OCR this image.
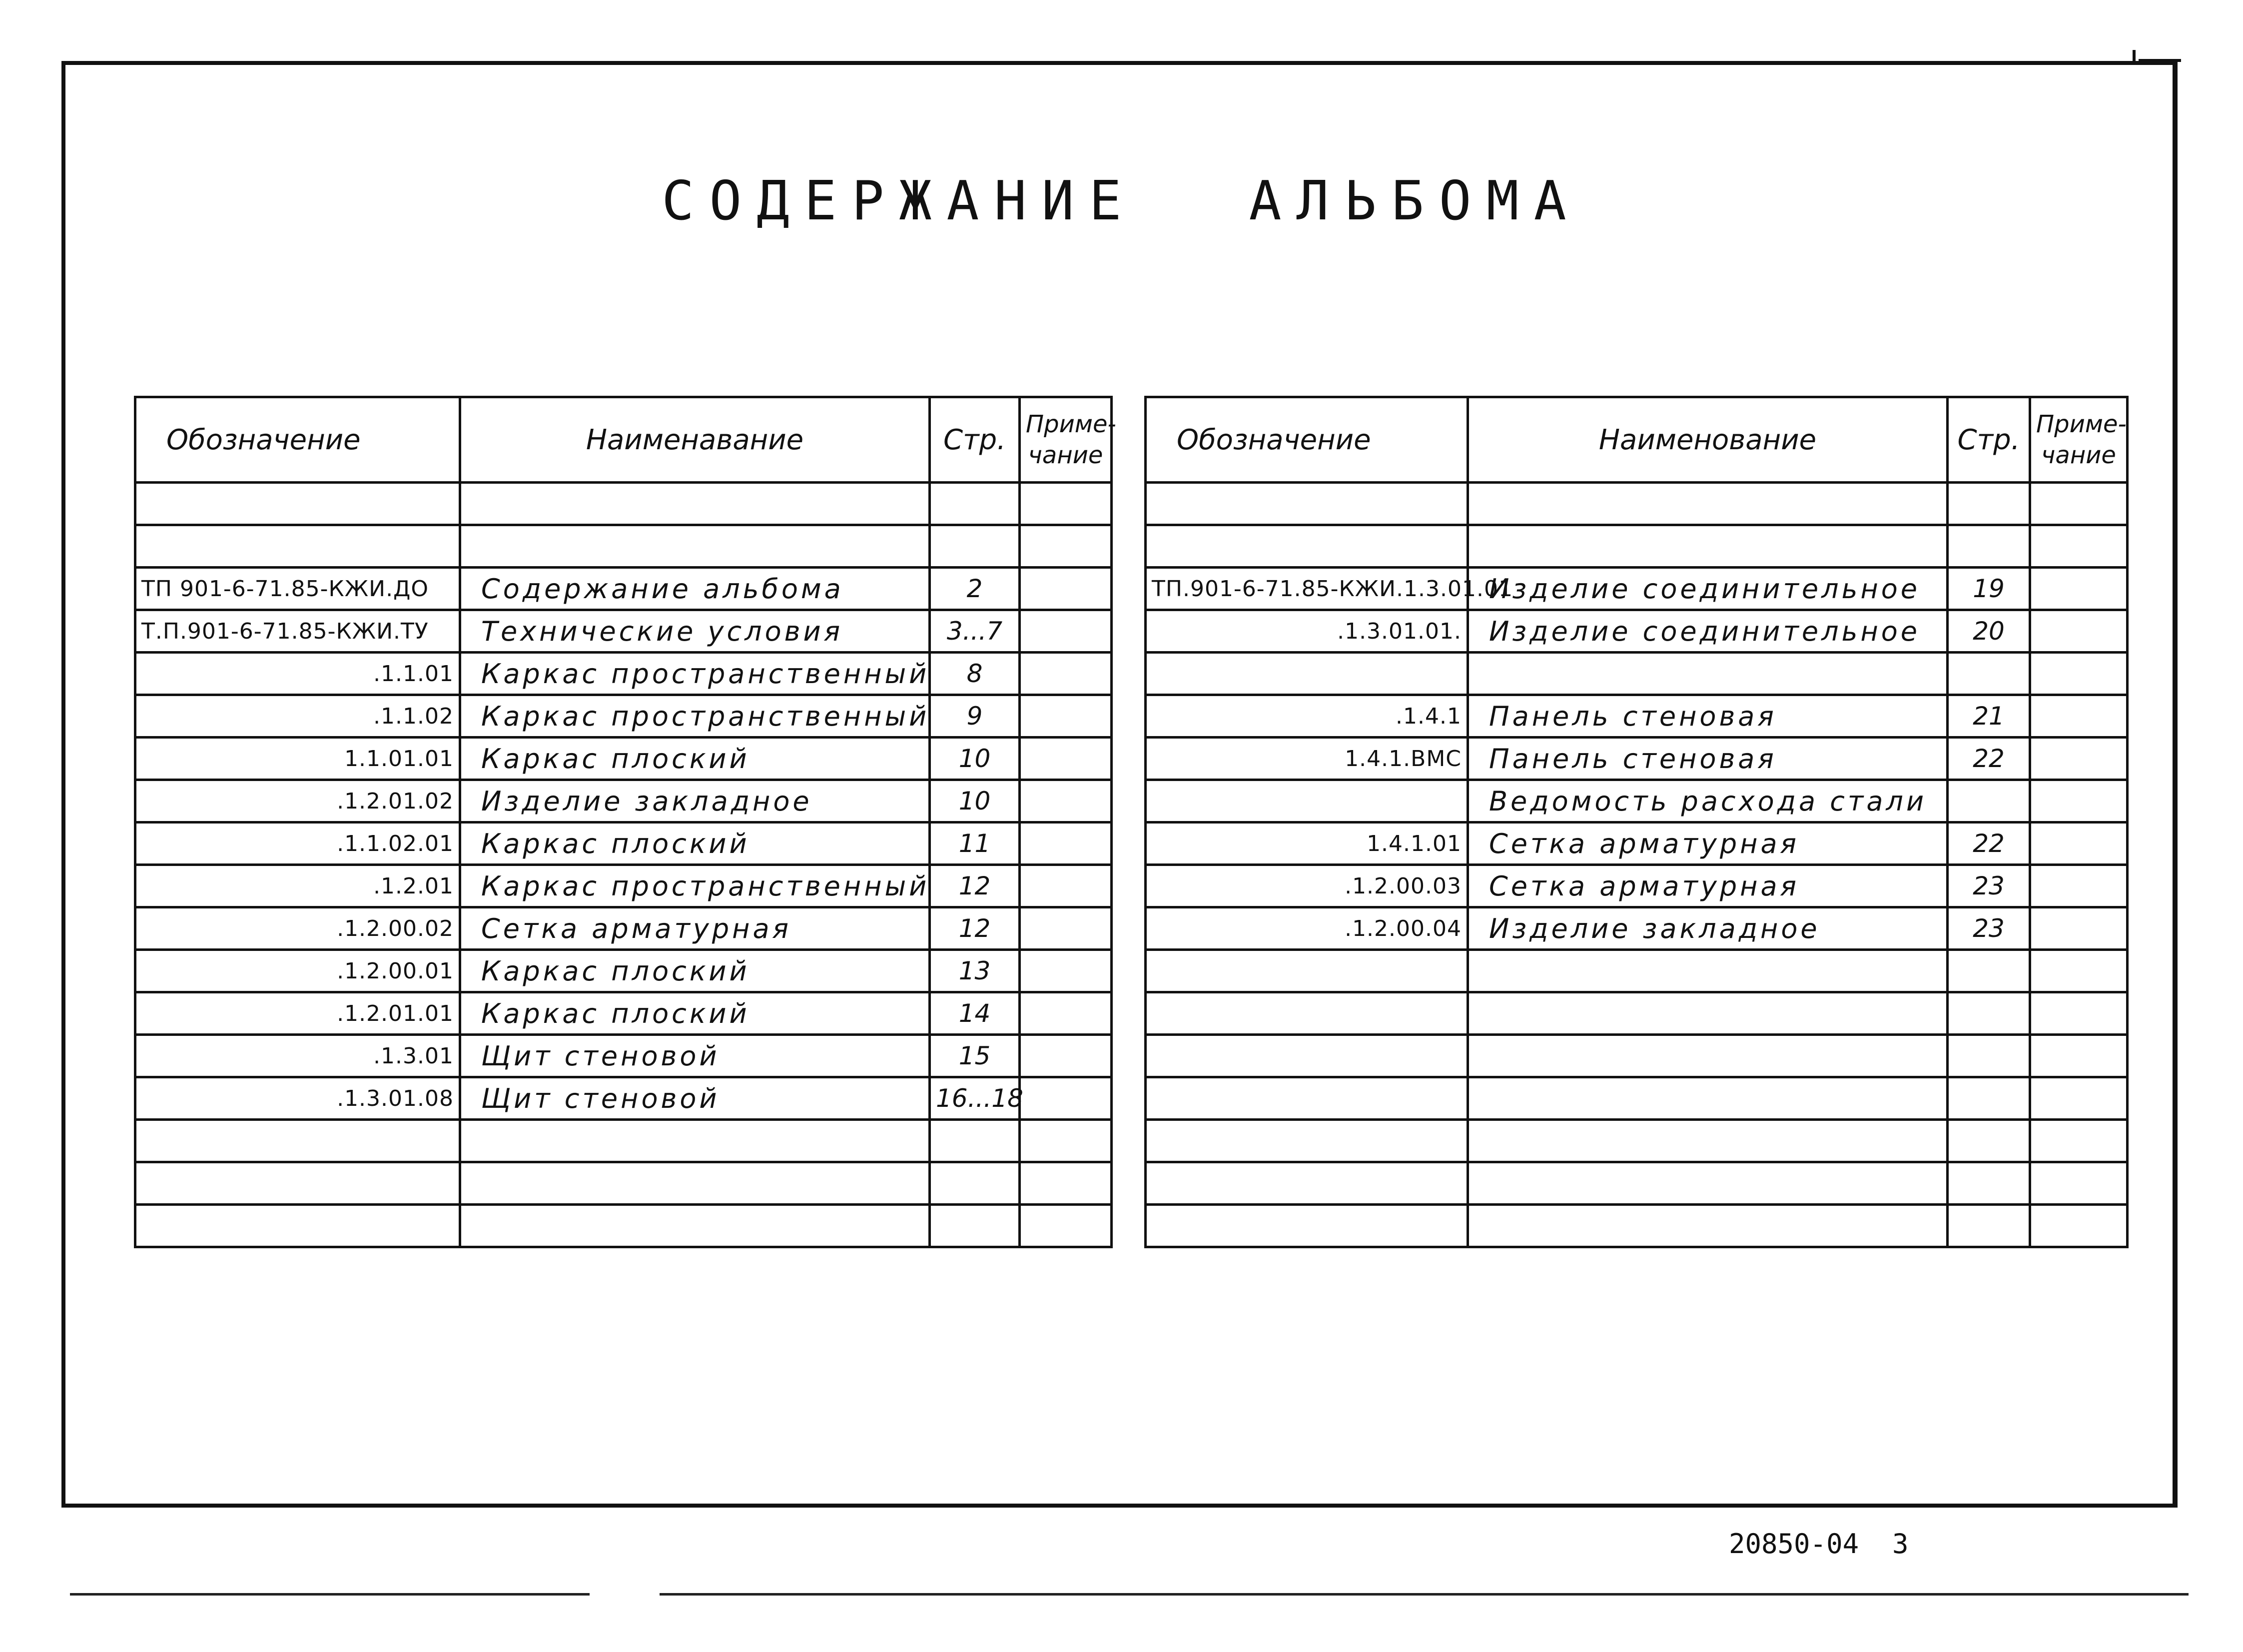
СОДЕРЖАНИЕ АЛЬБОМА
Обозначение	Наименавание	Стр.	Приме-чание

ТП 901-6-71.85-КЖИ.ДО	Содержание альбома	2	
Т.П.901-6-71.85-КЖИ.ТУ	Технические условия	3...7	
.1.1.01	Каркас пространственный	8	
.1.1.02	Каркас пространственный	9	
1.1.01.01	Каркас плоский	10	
.1.2.01.02	Изделие закладное	10	
.1.1.02.01	Каркас плоский	11	
.1.2.01	Каркас пространственный	12	
.1.2.00.02	Сетка арматурная	12	
.1.2.00.01	Каркас плоский	13	
.1.2.01.01	Каркас плоский	14	
.1.3.01	Щит стеновой	15	
.1.3.01.08	Щит стеновой	16...18	

Обозначение	Наименование	Стр.	Приме-чание

ТП.901-6-71.85-КЖИ.1.3.01.01	Изделие соединительное	19	
.1.3.01.01.	Изделие соединительное	20	

.1.4.1	Панель стеновая	21	
1.4.1.ВМС	Панель стеновая	22	
	Ведомость расхода стали		
1.4.1.01	Сетка арматурная	22	
.1.2.00.03	Сетка арматурная	23	
.1.2.00.04	Изделие закладное	23	

20850-04 3
